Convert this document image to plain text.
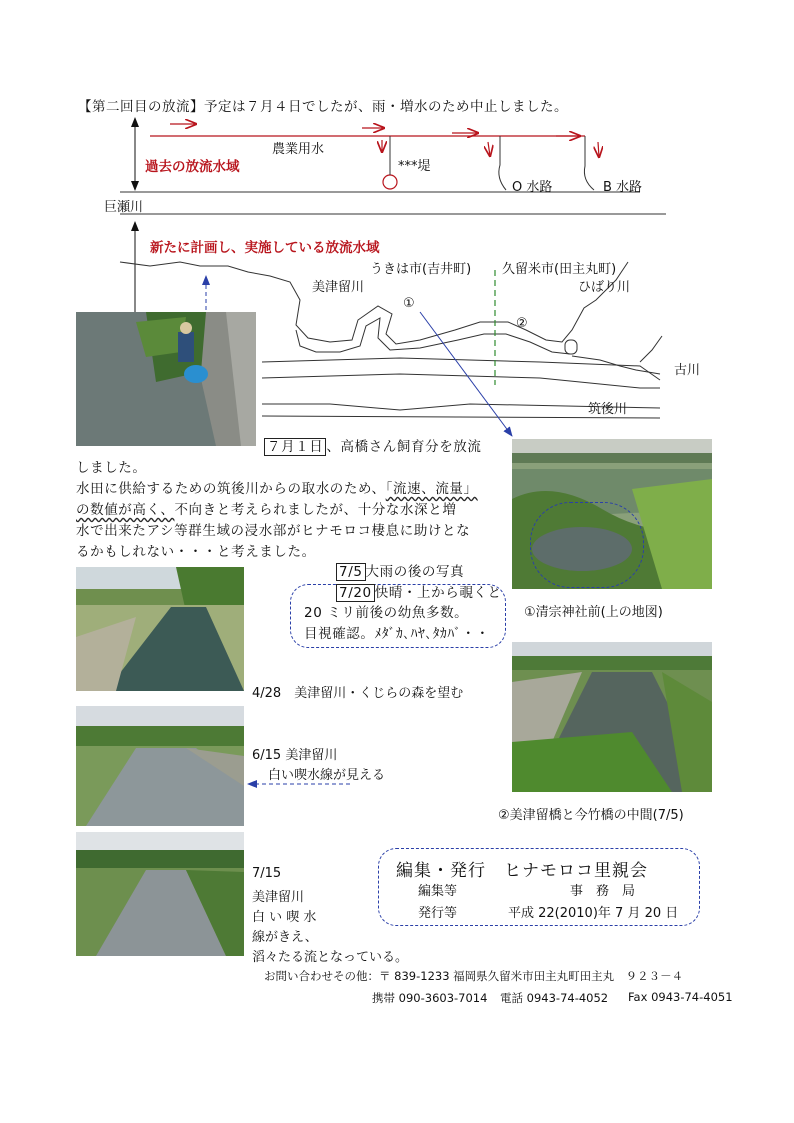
【第二回目の放流】予定は７月４日でしたが、雨・増水のため中止しました。
農業用水
過去の放流水域	***堤
O 水路	B 水路
巨瀬川
新たに計画し、実施している放流水域
うきは市(吉井町) 久留米市(田主丸町)
美津留川	ひばり川
①
②
古川
筑後川
７月１日 、高橋さん飼育分を放流
しました。
水田に供給するための筑後川からの取水のため、「流速、流量」
の数値が高く、不向きと考えられましたが、十分な水深と増
水で出来たアシ等群生域の浸水部がヒナモロコ棲息に助けとな
るかもしれない・・・と考えました。
7/5 大雨の後の写真
7/20 快晴・上から覗くと
20 ミリ前後の幼魚多数。
目視確認。ﾒﾀﾞｶ､ﾊﾔ､ﾀｶﾊﾞ・・
①清宗神社前(上の地図)
4/28　美津留川・くじらの森を望む
6/15 美津留川
白い喫水線が見える
②美津留橋と今竹橋の中間(7/5)
7/15
美津留川
白 い 喫 水
線がきえ、
滔々たる流となっている。
編集・発行　ヒナモロコ里親会
編集等	事　務　局
発行等	平成 22(2010)年 7 月 20 日
お問い合わせその他：〒 839-1233 福岡県久留米市田主丸町田主丸　９２３－４
携帯 090-3603-7014 電話 0943-74-4052 Fax 0943-74-4051
